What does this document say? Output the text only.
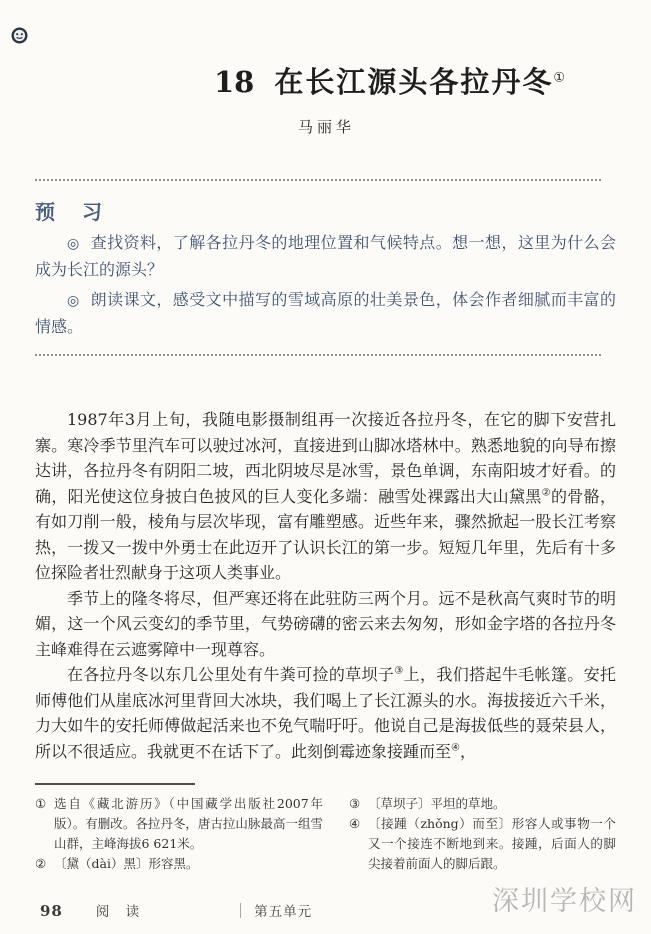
18 在长江源头各拉丹冬①

马丽华

预 习

◎ 查找资料，了解各拉丹冬的地理位置和气候特点。想一想，这里为什么会成为长江的源头？

◎ 朗读课文，感受文中描写的雪域高原的壮美景色，体会作者细腻而丰富的情感。

1987年3月上旬，我随电影摄制组再一次接近各拉丹冬，在它的脚下安营扎寨。寒冷季节里汽车可以驶过冰河，直接进到山脚冰塔林中。熟悉地貌的向导布擦达讲，各拉丹冬有阴阳二坡，西北阴坡尽是冰雪，景色单调，东南阳坡才好看。的确，阳光使这位身披白色披风的巨人变化多端：融雪处裸露出大山黛黑②的骨骼，有如刀削一般，棱角与层次毕现，富有雕塑感。近些年来，骤然掀起一股长江考察热，一拨又一拨中外勇士在此迈开了认识长江的第一步。短短几年里，先后有十多位探险者壮烈献身于这项人类事业。

季节上的隆冬将尽，但严寒还将在此驻防三两个月。远不是秋高气爽时节的明媚，这一个风云变幻的季节里，气势磅礴的密云来去匆匆，形如金字塔的各拉丹冬主峰难得在云遮雾障中一现尊容。

在各拉丹冬以东几公里处有牛粪可捡的草坝子③上，我们搭起牛毛帐篷。安托师傅他们从崖底冰河里背回大冰块，我们喝上了长江源头的水。海拔接近六千米，力大如牛的安托师傅做起活来也不免气喘吁吁。他说自己是海拔低些的聂荣县人，所以不很适应。我就更不在话下了。此刻倒霉迹象接踵而至④，

① 选自《藏北游历》（中国藏学出版社2007年版）。有删改。各拉丹冬，唐古拉山脉最高一组雪山群，主峰海拔6 621米。

② 〔黛（dài）黑〕形容黑。

③ 〔草坝子〕平坦的草地。

④ 〔接踵（zhǒng）而至〕形容人或事物一个又一个接连不断地到来。接踵，后面人的脚尖接着前面人的脚后跟。

98 阅 读	第五单元	深圳学校网
